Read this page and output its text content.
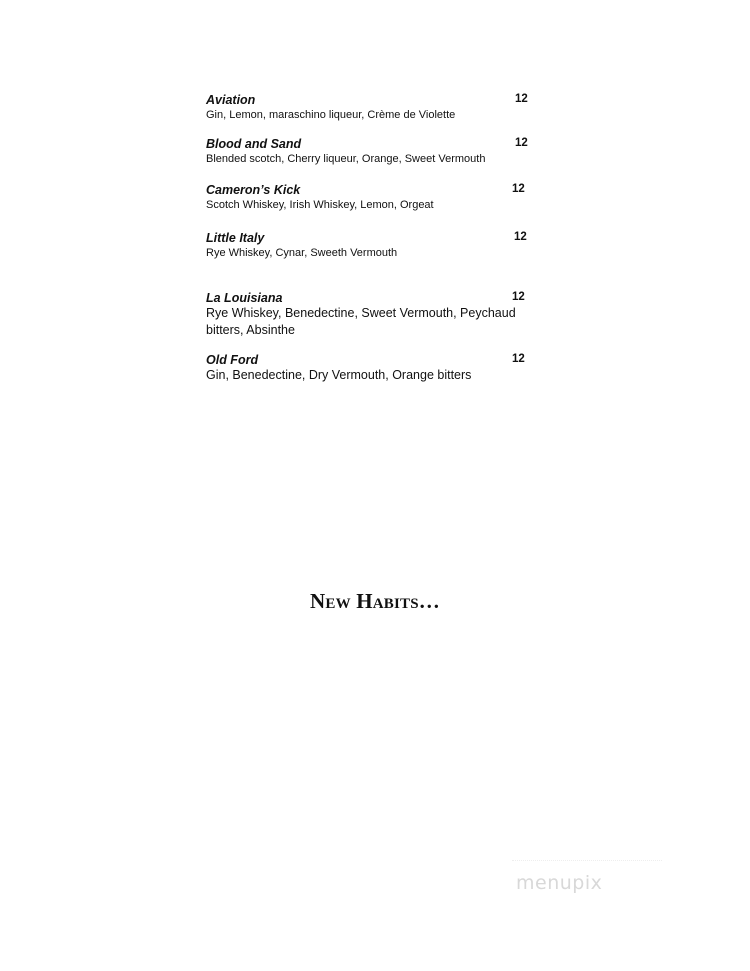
Aviation	12
Gin, Lemon, maraschino liqueur, Crème de Violette
Blood and Sand	12
Blended scotch, Cherry liqueur, Orange, Sweet Vermouth
Cameron’s Kick	12
Scotch Whiskey, Irish Whiskey, Lemon, Orgeat
Little Italy	12
Rye Whiskey, Cynar, Sweeth Vermouth
La Louisiana	12
Rye Whiskey, Benedectine, Sweet Vermouth, Peychaud bitters, Absinthe
Old Ford	12
Gin, Benedectine, Dry Vermouth, Orange bitters
New Habits…
menupix
